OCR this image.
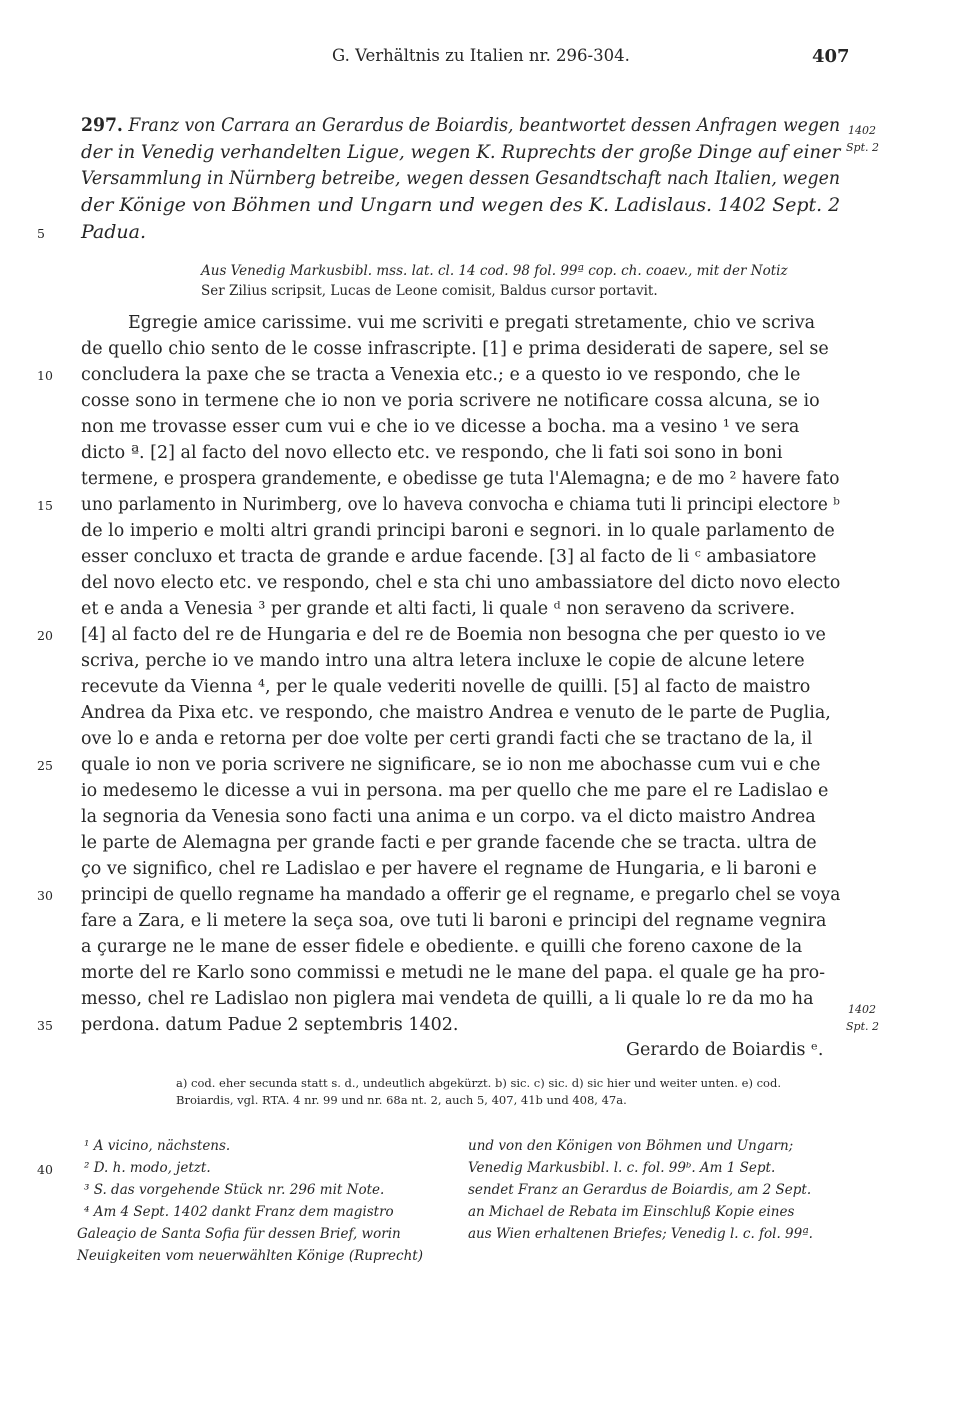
G. Verhältnis zu Italien nr. 296-304.	407
297. Franz von Carrara an Gerardus de Boiardis, beantwortet dessen Anfragen wegen
der in Venedig verhandelten Ligue, wegen K. Ruprechts der große Dinge auf einer
Versammlung in Nürnberg betreibe, wegen dessen Gesandtschaft nach Italien, wegen
der Könige von Böhmen und Ungarn und wegen des K. Ladislaus. 1402 Sept. 2
Padua.
1402
Spt. 2
Aus Venedig Markusbibl. mss. lat. cl. 14 cod. 98 fol. 99ª cop. ch. coaev., mit der Notiz
Ser Zilius scripsit, Lucas de Leone comisit, Baldus cursor portavit.
Egregie amice carissime. vui me scriviti e pregati stretamente, chio ve scriva
de quello chio sento de le cosse infrascripte. [1] e prima desiderati de sapere, sel se
concludera la paxe che se tracta a Venexia etc.; e a questo io ve respondo, che le
cosse sono in termene che io non ve poria scrivere ne notificare cossa alcuna, se io
non me trovasse esser cum vui e che io ve dicesse a bocha. ma a vesino ¹ ve sera
dicto ª. [2] al facto del novo ellecto etc. ve respondo, che li fati soi sono in boni
termene, e prospera grandemente, e obedisse ge tuta l'Alemagna; e de mo ² havere fato
uno parlamento in Nurimberg, ove lo haveva convocha e chiama tuti li principi electore ᵇ
de lo imperio e molti altri grandi principi baroni e segnori. in lo quale parlamento de
esser concluxo et tracta de grande e ardue facende. [3] al facto de li ᶜ ambasiatore
del novo electo etc. ve respondo, chel e sta chi uno ambassiatore del dicto novo electo
et e anda a Venesia ³ per grande et alti facti, li quale ᵈ non seraveno da scrivere.
[4] al facto del re de Hungaria e del re de Boemia non besogna che per questo io ve
scriva, perche io ve mando intro una altra letera incluxe le copie de alcune letere
recevute da Vienna ⁴, per le quale vederiti novelle de quilli. [5] al facto de maistro
Andrea da Pixa etc. ve respondo, che maistro Andrea e venuto de le parte de Puglia,
ove lo e anda e retorna per doe volte per certi grandi facti che se tractano de la, il
quale io non ve poria scrivere ne significare, se io non me abochasse cum vui e che
io medesemo le dicesse a vui in persona. ma per quello che me pare el re Ladislao e
la segnoria da Venesia sono facti una anima e un corpo. va el dicto maistro Andrea
le parte de Alemagna per grande facti e per grande facende che se tracta. ultra de
ço ve significo, chel re Ladislao e per havere el regname de Hungaria, e li baroni e
principi de quello regname ha mandado a offerir ge el regname, e pregarlo chel se voya
fare a Zara, e li metere la seça soa, ove tuti li baroni e principi del regname vegnira
a çurarge ne le mane de esser fidele e obediente. e quilli che foreno caxone de la
morte del re Karlo sono commissi e metudi ne le mane del papa. el quale ge ha pro-
messo, chel re Ladislao non piglera mai vendeta de quilli, a li quale lo re da mo ha
perdona. datum Padue 2 septembris 1402.
1402
Spt. 2
5
10
15
20
25
30
35
40
Gerardo de Boiardis ᵉ.
a) cod. eher secunda statt s. d., undeutlich abgekürzt. b) sic. c) sic. d) sic hier und weiter unten. e) cod.
Broiardis, vgl. RTA. 4 nr. 99 und nr. 68a nt. 2, auch 5, 407, 41b und 408, 47a.
¹ A vicino, nächstens.
² D. h. modo, jetzt.
³ S. das vorgehende Stück nr. 296 mit Note.
⁴ Am 4 Sept. 1402 dankt Franz dem magistro
Galeaçio de Santa Sofia für dessen Brief, worin
Neuigkeiten vom neuerwählten Könige (Ruprecht)
und von den Königen von Böhmen und Ungarn;
Venedig Markusbibl. l. c. fol. 99ᵇ. Am 1 Sept.
sendet Franz an Gerardus de Boiardis, am 2 Sept.
an Michael de Rebata im Einschluß Kopie eines
aus Wien erhaltenen Briefes; Venedig l. c. fol. 99ª.
